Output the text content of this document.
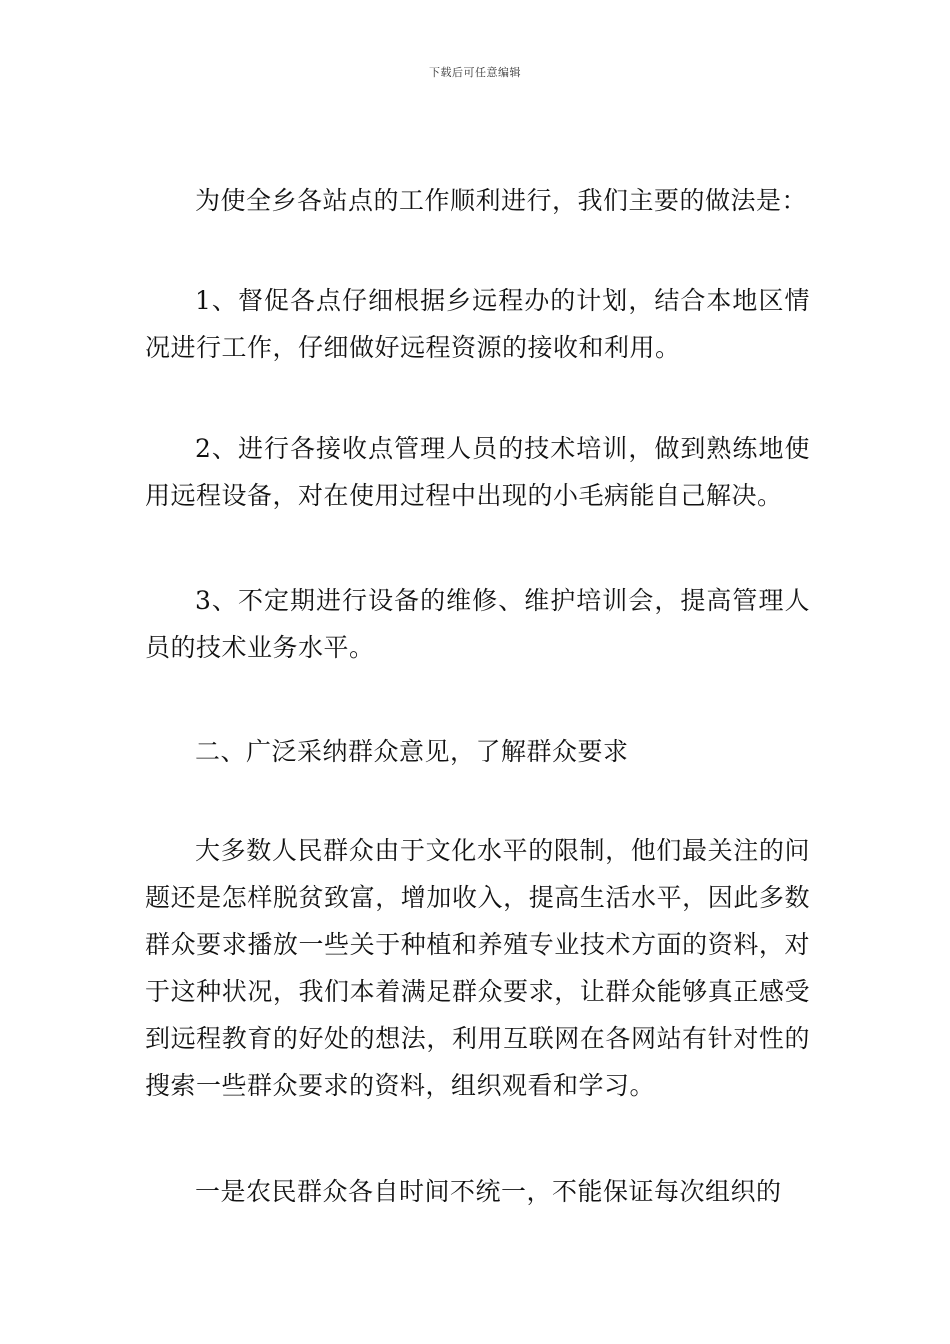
下载后可任意编辑

为使全乡各站点的工作顺利进行，我们主要的做法是：

1、督促各点仔细根据乡远程办的计划，结合本地区情况进行工作，仔细做好远程资源的接收和利用。

2、进行各接收点管理人员的技术培训，做到熟练地使用远程设备，对在使用过程中出现的小毛病能自己解决。

3、不定期进行设备的维修、维护培训会，提高管理人员的技术业务水平。

二、广泛采纳群众意见，了解群众要求

大多数人民群众由于文化水平的限制，他们最关注的问题还是怎样脱贫致富，增加收入，提高生活水平，因此多数群众要求播放一些关于种植和养殖专业技术方面的资料，对于这种状况，我们本着满足群众要求，让群众能够真正感受到远程教育的好处的想法，利用互联网在各网站有针对性的搜索一些群众要求的资料，组织观看和学习。

一是农民群众各自时间不统一，不能保证每次组织的
